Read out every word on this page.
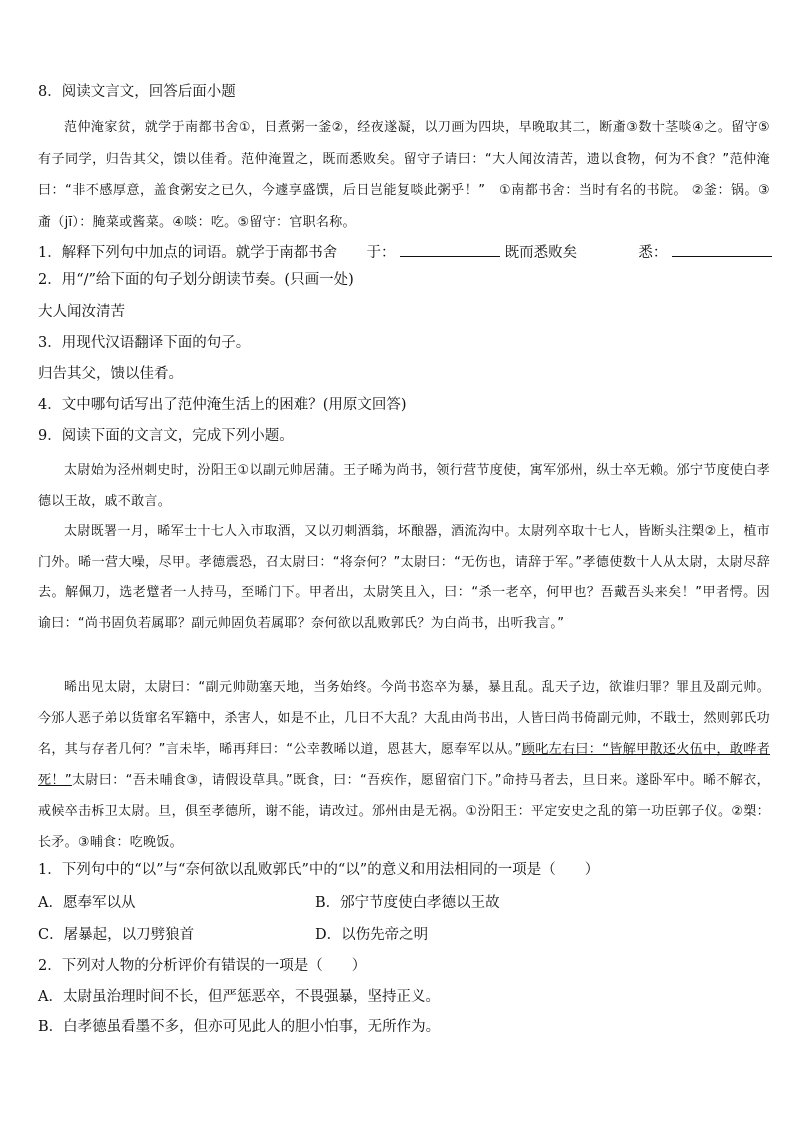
8．阅读文言文，回答后面小题

范仲淹家贫，就学于南都书舍①，日煮粥一釜②，经夜遂凝，以刀画为四块，早晚取其二，断齑③数十茎啖④之。留守⑤有子同学，归告其父，馈以佳肴。范仲淹置之，既而悉败矣。留守子请曰：“大人闻汝清苦，遗以食物，何为不食？”范仲淹曰：“非不感厚意，盖食粥安之已久，今遽享盛馔，后日岂能复啖此粥乎！”　 ①南都书舍：当时有名的书院。 ②釜：锅。③齑（jī）：腌菜或酱菜。④啖：吃。⑤留守：官职名称。

1．解释下列句中加点的词语。就学于南都书舍 于：	既而悉败矣	悉：
2．用“/”给下面的句子划分朗读节奏。(只画一处)
大人闻汝清苦
3．用现代汉语翻译下面的句子。
归告其父，馈以佳肴。
4．文中哪句话写出了范仲淹生活上的困难？(用原文回答)
9．阅读下面的文言文，完成下列小题。

太尉始为泾州刺史时，汾阳王①以副元帅居蒲。王子晞为尚书，领行营节度使，寓军邠州，纵士卒无赖。邠宁节度使白孝德以王故，戚不敢言。

太尉既署一月，晞军士十七人入市取酒，又以刃刺酒翁，坏酿器，酒流沟中。太尉列卒取十七人，皆断头注槊②上，植市门外。晞一营大噪，尽甲。孝德震恐，召太尉曰：“将奈何？”太尉曰：“无伤也，请辞于军。”孝德使数十人从太尉，太尉尽辞去。解佩刀，选老躄者一人持马，至晞门下。甲者出，太尉笑且入，曰：“杀一老卒，何甲也？吾戴吾头来矣！”甲者愕。因谕曰：“尚书固负若属耶？副元帅固负若属耶？奈何欲以乱败郭氏？为白尚书，出听我言。”

晞出见太尉，太尉曰：“副元帅勋塞天地，当务始终。今尚书恣卒为暴，暴且乱。乱天子边，欲谁归罪？罪且及副元帅。今邠人恶子弟以货窜名军籍中，杀害人，如是不止，几日不大乱？大乱由尚书出，人皆曰尚书倚副元帅，不戢士，然则郭氏功名，其与存者几何？”言未毕，晞再拜曰：“公幸教晞以道，恩甚大，愿奉军以从。”顾叱左右曰：“皆解甲散还火伍中，敢哗者死！”太尉曰：“吾未晡食③，请假设草具。”既食，曰：“吾疾作，愿留宿门下。”命持马者去，旦日来。遂卧军中。晞不解衣，戒候卒击柝卫太尉。旦，俱至孝德所，谢不能，请改过。邠州由是无祸。①汾阳王：平定安史之乱的第一功臣郭子仪。②槊：长矛。③晡食：吃晚饭。

1．下列句中的“以”与“奈何欲以乱败郭氏”中的“以”的意义和用法相同的一项是（　　）
A．愿奉军以从	B．邠宁节度使白孝德以王故
C．屠暴起，以刀劈狼首	D．以伤先帝之明
2．下列对人物的分析评价有错误的一项是（　　）
A．太尉虽治理时间不长，但严惩恶卒，不畏强暴，坚持正义。
B．白孝德虽看墨不多，但亦可见此人的胆小怕事，无所作为。
